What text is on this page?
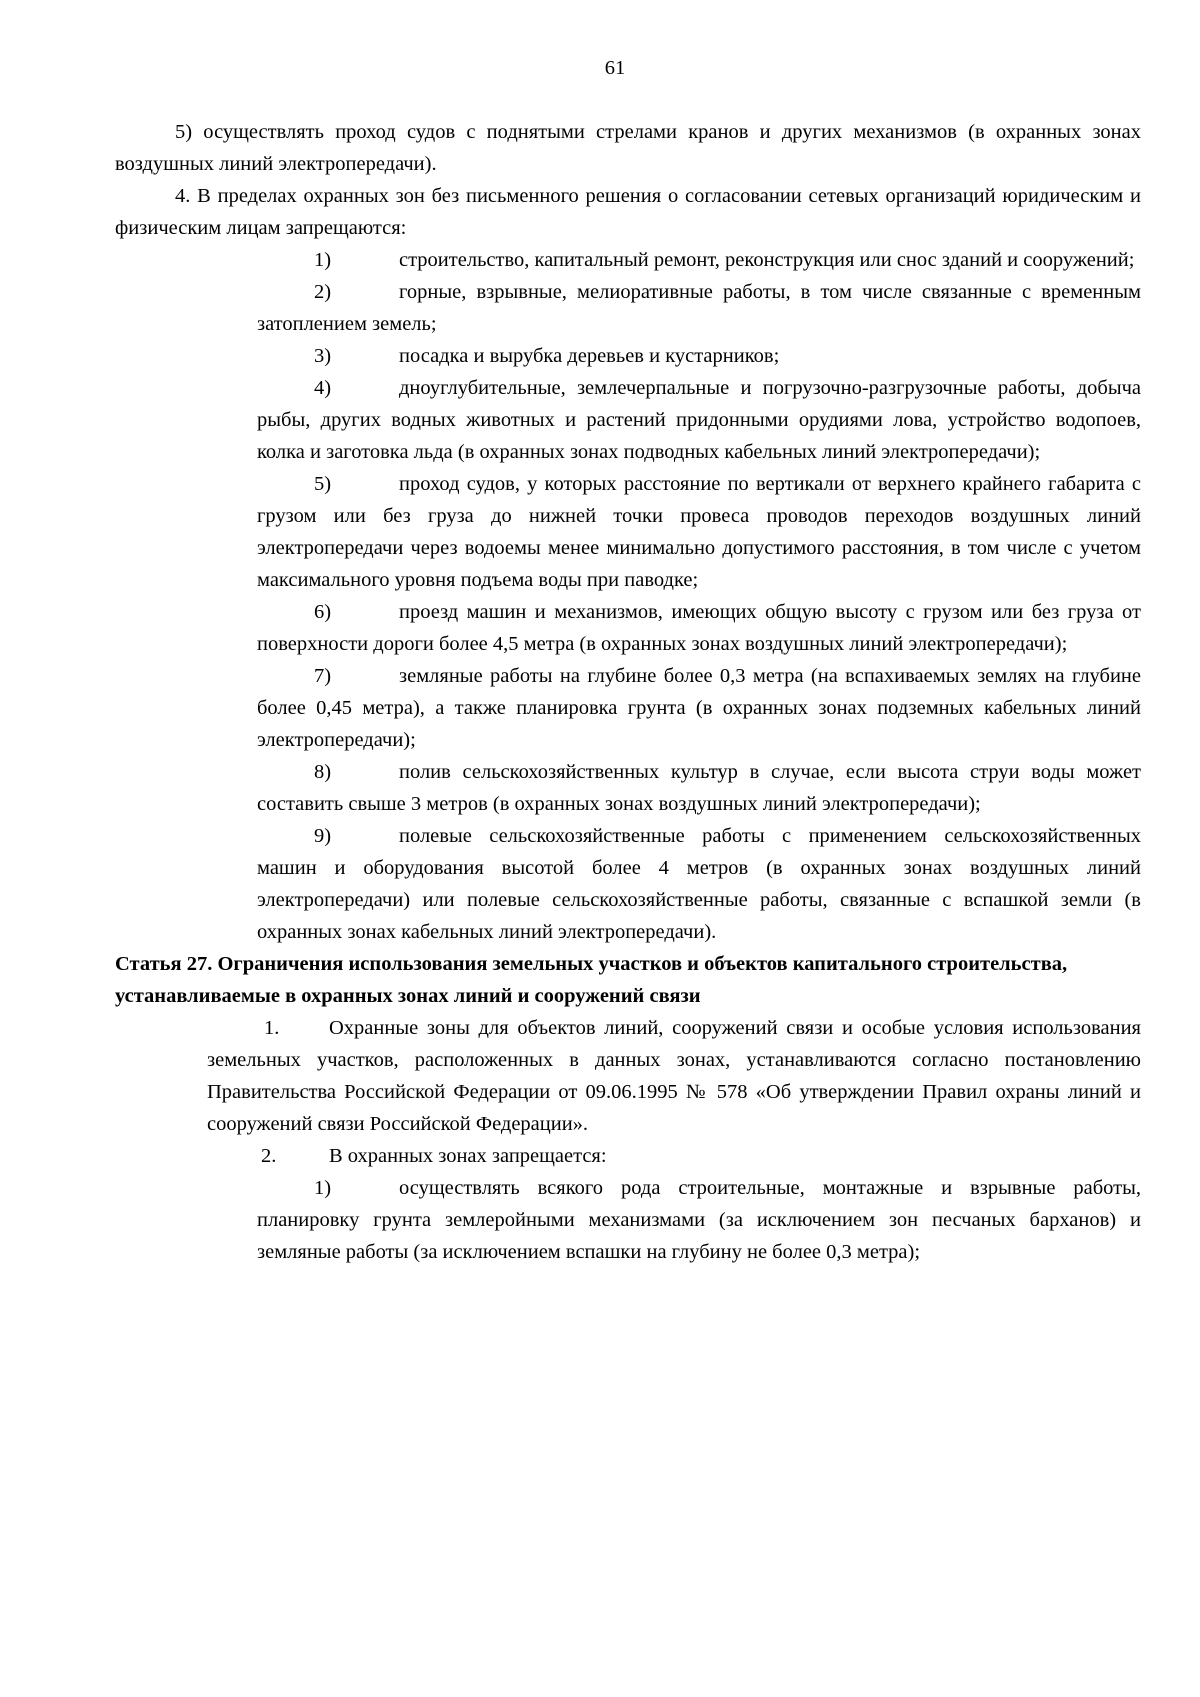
61

5) осуществлять проход судов с поднятыми стрелами кранов и других механизмов (в охранных зонах воздушных линий электропередачи).

4. В пределах охранных зон без письменного решения о согласовании сетевых организаций юридическим и физическим лицам запрещаются:

1)	строительство, капитальный ремонт, реконструкция или снос зданий и сооружений;

2)	горные, взрывные, мелиоративные работы, в том числе связанные с временным затоплением земель;

3)	посадка и вырубка деревьев и кустарников;

4)	дноуглубительные, землечерпальные и погрузочно-разгрузочные работы, добыча рыбы, других водных животных и растений придонными орудиями лова, устройство водопоев, колка и заготовка льда (в охранных зонах подводных кабельных линий электропередачи);

5)	проход судов, у которых расстояние по вертикали от верхнего крайнего габарита с грузом или без груза до нижней точки провеса проводов переходов воздушных линий электропередачи через водоемы менее минимально допустимого расстояния, в том числе с учетом максимального уровня подъема воды при паводке;

6)	проезд машин и механизмов, имеющих общую высоту с грузом или без груза от поверхности дороги более 4,5 метра (в охранных зонах воздушных линий электропередачи);

7)	земляные работы на глубине более 0,3 метра (на вспахиваемых землях на глубине более 0,45 метра), а также планировка грунта (в охранных зонах подземных кабельных линий электропередачи);

8)	полив сельскохозяйственных культур в случае, если высота струи воды может составить свыше 3 метров (в охранных зонах воздушных линий электропередачи);

9)	полевые сельскохозяйственные работы с применением сельскохозяйственных машин и оборудования высотой более 4 метров (в охранных зонах воздушных линий электропередачи) или полевые сельскохозяйственные работы, связанные с вспашкой земли (в охранных зонах кабельных линий электропередачи).

Статья 27. Ограничения использования земельных участков и объектов капитального строительства, устанавливаемые в охранных зонах линий и сооружений связи

1. Охранные зоны для объектов линий, сооружений связи и особые условия использования земельных участков, расположенных в данных зонах, устанавливаются согласно постановлению Правительства Российской Федерации от 09.06.1995 № 578 «Об утверждении Правил охраны линий и сооружений связи Российской Федерации».

2.	В охранных зонах запрещается:

1)	осуществлять всякого рода строительные, монтажные и взрывные работы, планировку грунта землеройными механизмами (за исключением зон песчаных барханов) и земляные работы (за исключением вспашки на глубину не более 0,3 метра);
